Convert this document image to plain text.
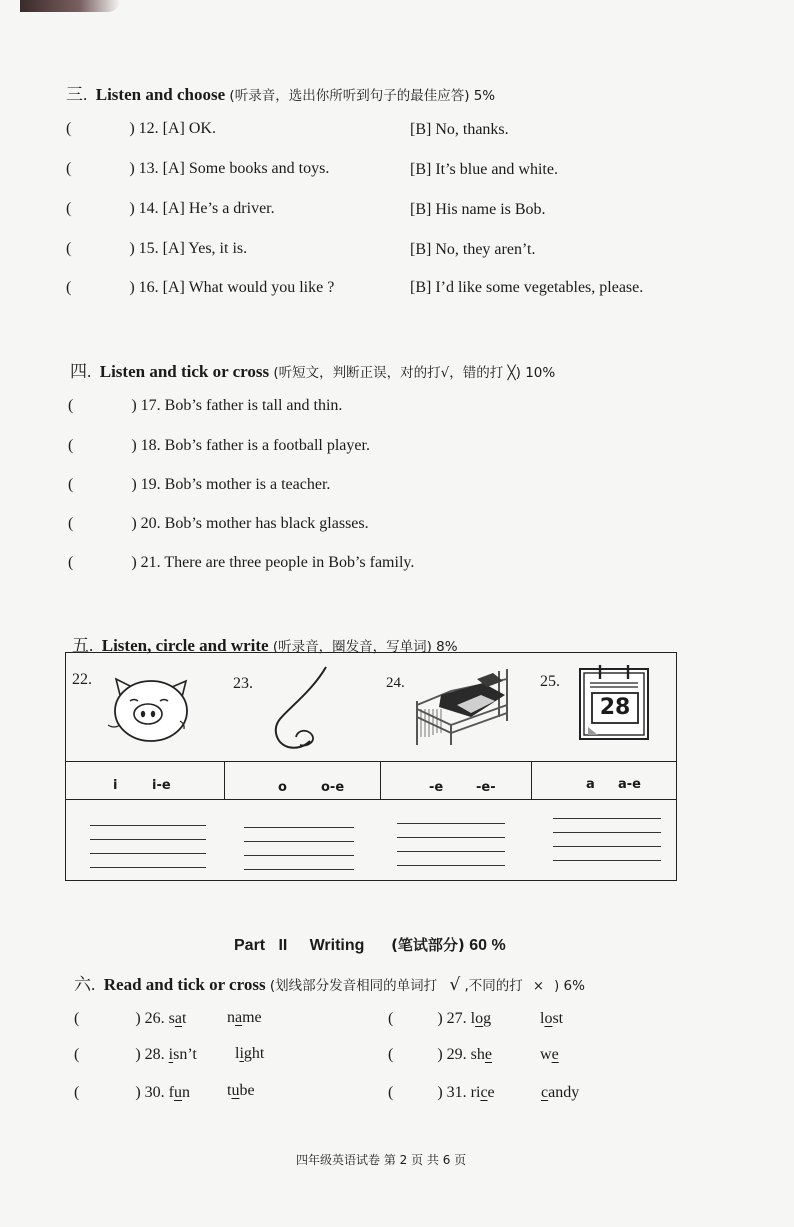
三. Listen and choose (听录音，选出你所听到句子的最佳应答) 5%
(	) 12. [A] OK.	[B] No, thanks.
(	) 13. [A] Some books and toys.	[B] It’s blue and white.
(	) 14. [A] He’s a driver.	[B] His name is Bob.
(	) 15. [A] Yes, it is.	[B] No, they aren’t.
(	) 16. [A] What would you like ?	[B] I’d like some vegetables, please.
四. Listen and tick or cross (听短文，判断正误，对的打√，错的打 ╳) 10%
(	) 17. Bob’s father is tall and thin.
(	) 18. Bob’s father is a football player.
(	) 19. Bob’s mother is a teacher.
(	) 20. Bob’s mother has black glasses.
(	) 21. There are three people in Bob’s family.
五. Listen, circle and write (听录音，圈发音，写单词) 8%
22.	23.	24.	25.
28
i	i-e	o	o-e	-e	-e-	a a-e
Part II Writing (笔试部分) 60 %
六. Read and tick or cross (划线部分发音相同的单词打 √ ,不同的打 × ) 6%
(	) 26. sat	name	(	) 27. log	lost
(	) 28. isn’t light	(	) 29. she	we
(	) 30. fun tube	(	) 31. rice	candy
四年级英语试卷 第 2 页 共 6 页
